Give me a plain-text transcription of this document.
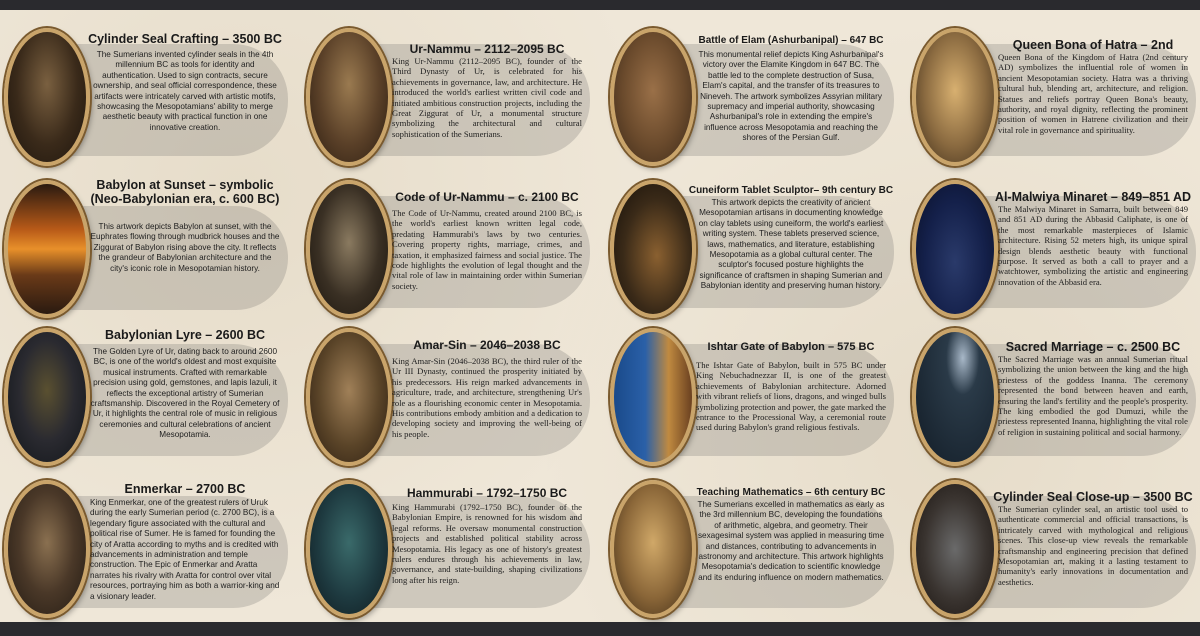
Cylinder Seal Crafting – 3500 BC
The Sumerians invented cylinder seals in the 4th millennium BC as tools for identity and authentication. Used to sign contracts, secure ownership, and seal official correspondence, these artifacts were intricately carved with artistic motifs, showcasing the Mesopotamians' ability to merge aesthetic beauty with practical function in one innovative creation.
Babylon at Sunset – symbolic (Neo-Babylonian era, c. 600 BC)
This artwork depicts Babylon at sunset, with the Euphrates flowing through mudbrick houses and the Ziggurat of Babylon rising above the city. It reflects the grandeur of Babylonian architecture and the city's iconic role in Mesopotamian history.
Babylonian Lyre – 2600 BC
The Golden Lyre of Ur, dating back to around 2600 BC, is one of the world's oldest and most exquisite musical instruments. Crafted with remarkable precision using gold, gemstones, and lapis lazuli, it reflects the exceptional artistry of Sumerian craftsmanship. Discovered in the Royal Cemetery of Ur, it highlights the central role of music in religious ceremonies and cultural celebrations of ancient Mesopotamia.
Enmerkar – 2700 BC
King Enmerkar, one of the greatest rulers of Uruk during the early Sumerian period (c. 2700 BC), is a legendary figure associated with the cultural and political rise of Sumer. He is famed for founding the city of Aratta according to myths and is credited with advancements in administration and temple construction. The Epic of Enmerkar and Aratta narrates his rivalry with Aratta for control over vital resources, portraying him as both a warrior-king and a visionary leader.
Ur-Nammu – 2112–2095 BC
King Ur-Nammu (2112–2095 BC), founder of the Third Dynasty of Ur, is celebrated for his achievements in governance, law, and architecture. He introduced the world's earliest written civil code and initiated ambitious construction projects, including the Great Ziggurat of Ur, a monumental structure symbolizing the architectural and cultural sophistication of the Sumerians.
Code of Ur-Nammu – c. 2100 BC
The Code of Ur-Nammu, created around 2100 BC, is the world's earliest known written legal code, predating Hammurabi's laws by two centuries. Covering property rights, marriage, crimes, and taxation, it emphasized fairness and social justice. The code highlights the evolution of legal thought and the vital role of law in maintaining order within Sumerian society.
Amar-Sin – 2046–2038 BC
King Amar-Sin (2046–2038 BC), the third ruler of the Ur III Dynasty, continued the prosperity initiated by his predecessors. His reign marked advancements in agriculture, trade, and architecture, strengthening Ur's role as a flourishing economic center in Mesopotamia. His contributions embody ambition and a dedication to developing society and improving the well-being of his people.
Hammurabi – 1792–1750 BC
King Hammurabi (1792–1750 BC), founder of the Babylonian Empire, is renowned for his wisdom and legal reforms. He oversaw monumental construction projects and established political stability across Mesopotamia. His legacy as one of history's greatest rulers endures through his achievements in law, governance, and state-building, shaping civilizations long after his reign.
Battle of Elam (Ashurbanipal) – 647 BC
This monumental relief depicts King Ashurbanipal's victory over the Elamite Kingdom in 647 BC. The battle led to the complete destruction of Susa, Elam's capital, and the transfer of its treasures to Nineveh. The artwork symbolizes Assyrian military supremacy and imperial authority, showcasing Ashurbanipal's role in extending the empire's influence across Mesopotamia and reaching the shores of the Persian Gulf.
Cuneiform Tablet Sculptor– 9th century BC
This artwork depicts the creativity of ancient Mesopotamian artisans in documenting knowledge on clay tablets using cuneiform, the world's earliest writing system. These tablets preserved science, laws, mathematics, and literature, establishing Mesopotamia as a global cultural center. The sculptor's focused posture highlights the significance of craftsmen in shaping Sumerian and Babylonian identity and preserving human history.
Ishtar Gate of Babylon – 575 BC
The Ishtar Gate of Babylon, built in 575 BC under King Nebuchadnezzar II, is one of the greatest achievements of Babylonian architecture. Adorned with vibrant reliefs of lions, dragons, and winged bulls symbolizing protection and power, the gate marked the entrance to the Processional Way, a ceremonial route used during Babylon's grand religious festivals.
Teaching Mathematics – 6th century BC
The Sumerians excelled in mathematics as early as the 3rd millennium BC, developing the foundations of arithmetic, algebra, and geometry. Their sexagesimal system was applied in measuring time and distances, contributing to advancements in astronomy and architecture. This artwork highlights Mesopotamia's dedication to scientific knowledge and its enduring influence on modern mathematics.
Queen Bona of Hatra – 2nd
Queen Bona of the Kingdom of Hatra (2nd century AD) symbolizes the influential role of women in ancient Mesopotamian society. Hatra was a thriving cultural hub, blending art, architecture, and religion. Statues and reliefs portray Queen Bona's beauty, authority, and royal dignity, reflecting the prominent position of women in Hatrene civilization and their vital role in governance and spirituality.
Al-Malwiya Minaret – 849–851 AD
The Malwiya Minaret in Samarra, built between 849 and 851 AD during the Abbasid Caliphate, is one of the most remarkable masterpieces of Islamic architecture. Rising 52 meters high, its unique spiral design blends aesthetic beauty with functional purpose. It served as both a call to prayer and a watchtower, symbolizing the artistic and engineering innovation of the Abbasid era.
Sacred Marriage – c. 2500 BC
The Sacred Marriage was an annual Sumerian ritual symbolizing the union between the king and the high priestess of the goddess Inanna. The ceremony represented the bond between heaven and earth, ensuring the land's fertility and the people's prosperity. The king embodied the god Dumuzi, while the priestess represented Inanna, highlighting the vital role of religion in sustaining political and social harmony.
Cylinder Seal Close-up – 3500 BC
The Sumerian cylinder seal, an artistic tool used to authenticate commercial and official transactions, is intricately carved with mythological and religious scenes. This close-up view reveals the remarkable craftsmanship and engineering precision that defined Mesopotamian art, making it a lasting testament to humanity's early innovations in documentation and aesthetics.
